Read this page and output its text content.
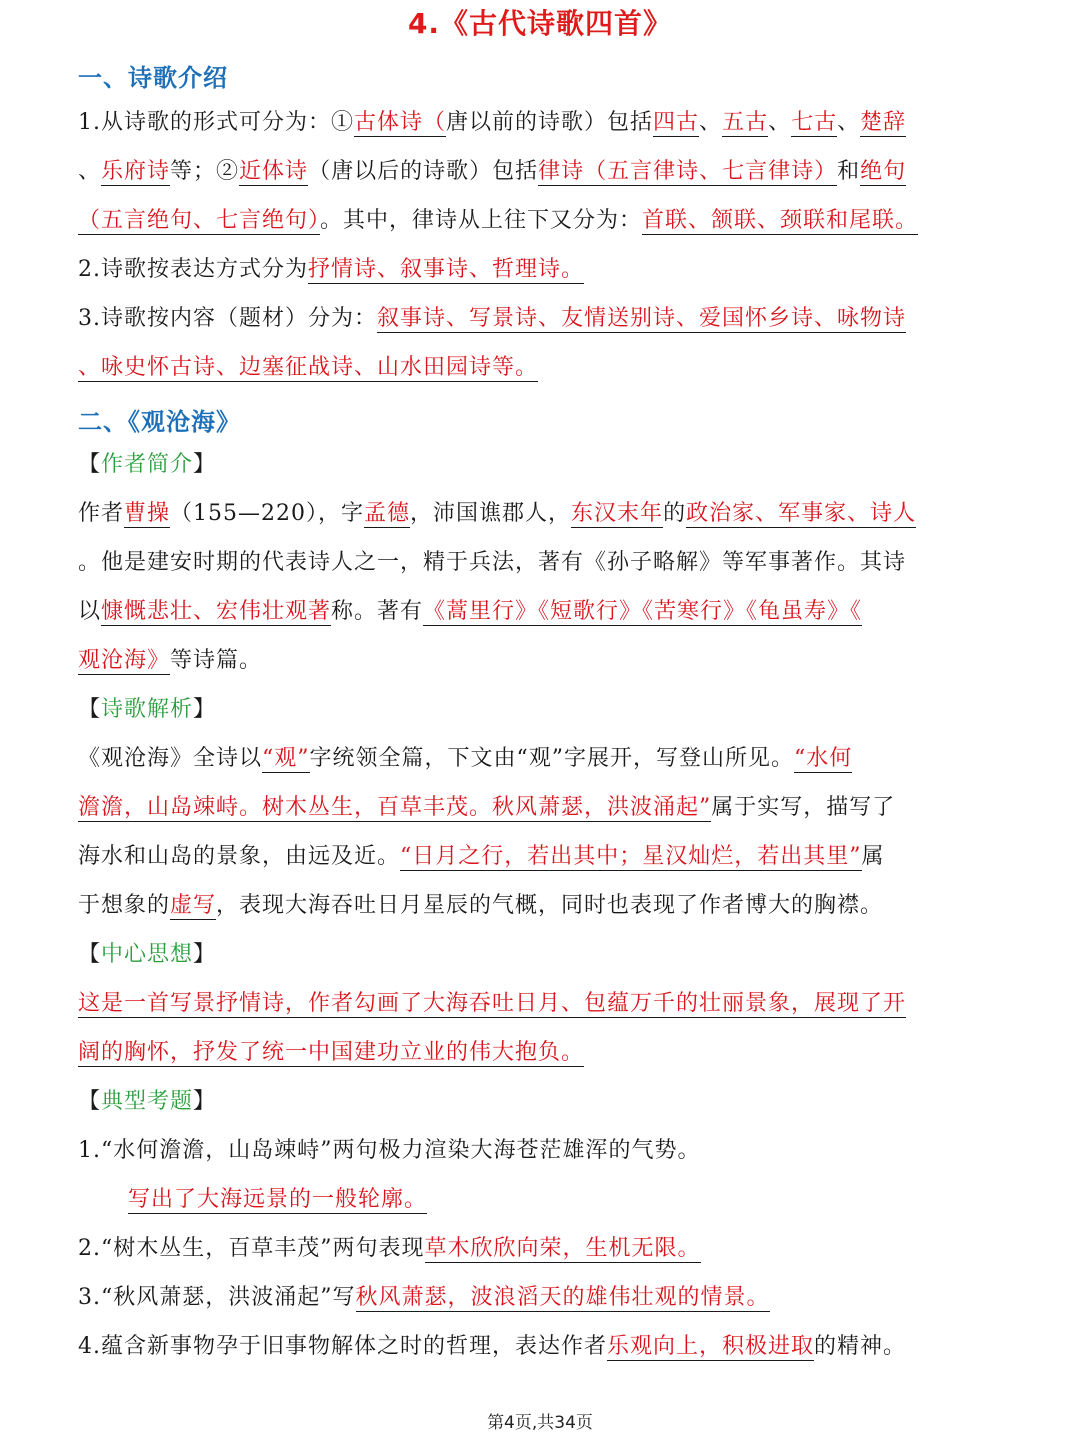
4.《古代诗歌四首》
一、诗歌介绍
1.从诗歌的形式可分为：①古体诗（唐以前的诗歌）包括四古、五古、七古、楚辞
、乐府诗等；②近体诗（唐以后的诗歌）包括律诗（五言律诗、七言律诗）和绝句
（五言绝句、七言绝句）。其中，律诗从上往下又分为：首联、颔联、颈联和尾联。
2.诗歌按表达方式分为抒情诗、叙事诗、哲理诗。
3.诗歌按内容（题材）分为：叙事诗、写景诗、友情送别诗、爱国怀乡诗、咏物诗
、咏史怀古诗、边塞征战诗、山水田园诗等。
二、《观沧海》
【作者简介】
作者曹操（155—220），字孟德，沛国谯郡人，东汉末年的政治家、军事家、诗人
。他是建安时期的代表诗人之一，精于兵法，著有《孙子略解》等军事著作。其诗
以慷慨悲壮、宏伟壮观著称。著有《蒿里行》《短歌行》《苦寒行》《龟虽寿》《
观沧海》等诗篇。
【诗歌解析】
《观沧海》全诗以“观”字统领全篇，下文由“观”字展开，写登山所见。“水何
澹澹，山岛竦峙。树木丛生，百草丰茂。秋风萧瑟，洪波涌起”属于实写，描写了
海水和山岛的景象，由远及近。“日月之行，若出其中；星汉灿烂，若出其里”属
于想象的虚写，表现大海吞吐日月星辰的气概，同时也表现了作者博大的胸襟。
【中心思想】
这是一首写景抒情诗，作者勾画了大海吞吐日月、包蕴万千的壮丽景象，展现了开
阔的胸怀，抒发了统一中国建功立业的伟大抱负。
【典型考题】
1.“水何澹澹，山岛竦峙”两句极力渲染大海苍茫雄浑的气势。
写出了大海远景的一般轮廓。
2.“树木丛生，百草丰茂”两句表现草木欣欣向荣，生机无限。
3.“秋风萧瑟，洪波涌起”写秋风萧瑟，波浪滔天的雄伟壮观的情景。
4.蕴含新事物孕于旧事物解体之时的哲理，表达作者乐观向上，积极进取的精神。
第4页,共34页
